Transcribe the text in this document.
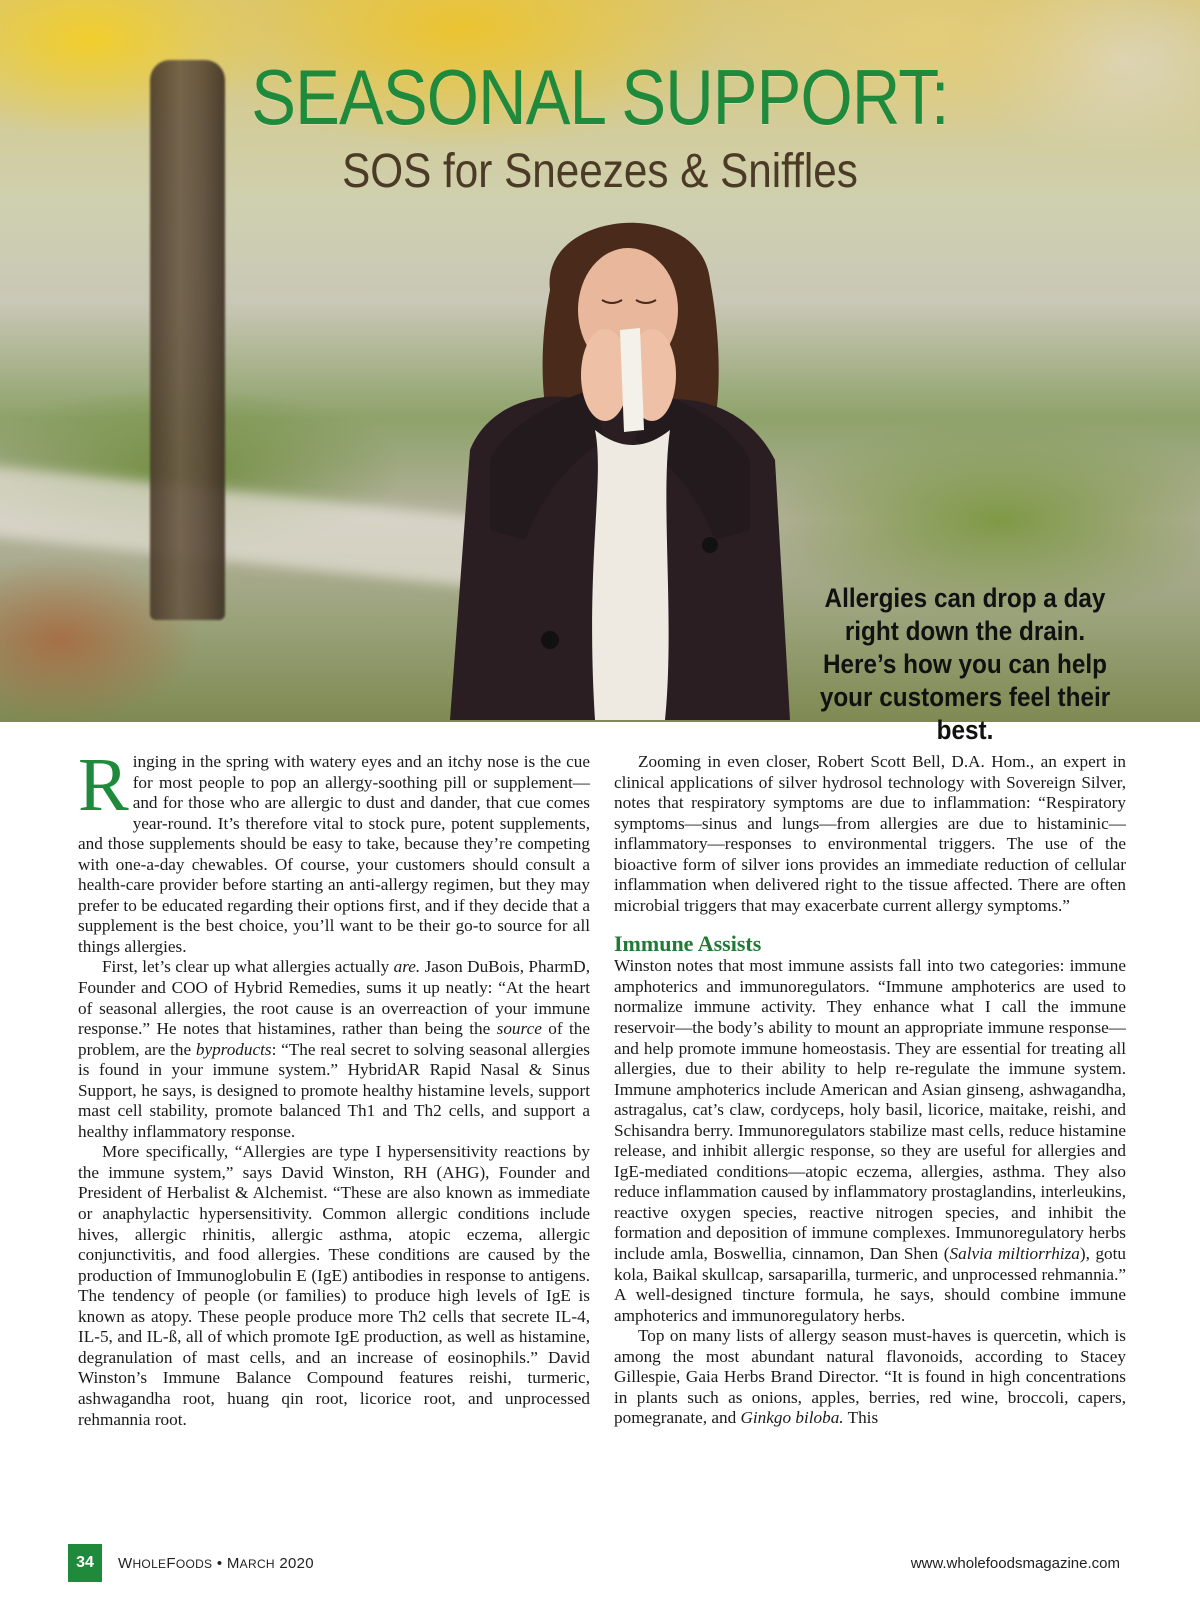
SEASONAL SUPPORT:
SOS for Sneezes & Sniffles
Allergies can drop a day right down the drain. Here’s how you can help your customers feel their best.

Ringing in the spring with watery eyes and an itchy nose is the cue for most people to pop an allergy-soothing pill or supplement—and for those who are allergic to dust and dander, that cue comes year-round. It’s therefore vital to stock pure, potent supplements, and those supplements should be easy to take, because they’re competing with one-a-day chewables. Of course, your customers should consult a health-care provider before starting an anti-allergy regimen, but they may prefer to be educated regarding their options first, and if they decide that a supplement is the best choice, you’ll want to be their go-to source for all things allergies.

First, let’s clear up what allergies actually are. Jason DuBois, PharmD, Founder and COO of Hybrid Remedies, sums it up neatly: “At the heart of seasonal allergies, the root cause is an overreaction of your immune response.” He notes that histamines, rather than being the source of the problem, are the byproducts: “The real secret to solving seasonal allergies is found in your immune system.” HybridAR Rapid Nasal & Sinus Support, he says, is designed to promote healthy histamine levels, support mast cell stability, promote balanced Th1 and Th2 cells, and support a healthy inflammatory response.

More specifically, “Allergies are type I hypersensitivity reactions by the immune system,” says David Winston, RH (AHG), Founder and President of Herbalist & Alchemist. “These are also known as immediate or anaphylactic hypersensitivity. Common allergic conditions include hives, allergic rhinitis, allergic asthma, atopic eczema, allergic conjunctivitis, and food allergies. These conditions are caused by the production of Immunoglobulin E (IgE) antibodies in response to antigens. The tendency of people (or families) to produce high levels of IgE is known as atopy. These people produce more Th2 cells that secrete IL-4, IL-5, and IL-ß, all of which promote IgE production, as well as histamine, degranulation of mast cells, and an increase of eosinophils.” David Winston’s Immune Balance Compound features reishi, turmeric, ashwagandha root, huang qin root, licorice root, and unprocessed rehmannia root.

Zooming in even closer, Robert Scott Bell, D.A. Hom., an expert in clinical applications of silver hydrosol technology with Sovereign Silver, notes that respiratory symptoms are due to inflammation: “Respiratory symptoms—sinus and lungs—from allergies are due to histaminic—inflammatory—responses to environmental triggers. The use of the bioactive form of silver ions provides an immediate reduction of cellular inflammation when delivered right to the tissue affected. There are often microbial triggers that may exacerbate current allergy symptoms.”

Immune Assists

Winston notes that most immune assists fall into two categories: immune amphoterics and immunoregulators. “Immune amphoterics are used to normalize immune activity. They enhance what I call the immune reservoir—the body’s ability to mount an appropriate immune response—and help promote immune homeostasis. They are essential for treating all allergies, due to their ability to help re-regulate the immune system. Immune amphoterics include American and Asian ginseng, ashwagandha, astragalus, cat’s claw, cordyceps, holy basil, licorice, maitake, reishi, and Schisandra berry. Immunoregulators stabilize mast cells, reduce histamine release, and inhibit allergic response, so they are useful for allergies and IgE-mediated conditions—atopic eczema, allergies, asthma. They also reduce inflammation caused by inflammatory prostaglandins, interleukins, reactive oxygen species, reactive nitrogen species, and inhibit the formation and deposition of immune complexes. Immunoregulatory herbs include amla, Boswellia, cinnamon, Dan Shen (Salvia miltiorrhiza), gotu kola, Baikal skullcap, sarsaparilla, turmeric, and unprocessed rehmannia.” A well-designed tincture formula, he says, should combine immune amphoterics and immunoregulatory herbs.

Top on many lists of allergy season must-haves is quercetin, which is among the most abundant natural flavonoids, according to Stacey Gillespie, Gaia Herbs Brand Director. “It is found in high concentrations in plants such as onions, apples, berries, red wine, broccoli, capers, pomegranate, and Ginkgo biloba. This

34	WHOLEFOODS • MARCH 2020	www.wholefoodsmagazine.com
